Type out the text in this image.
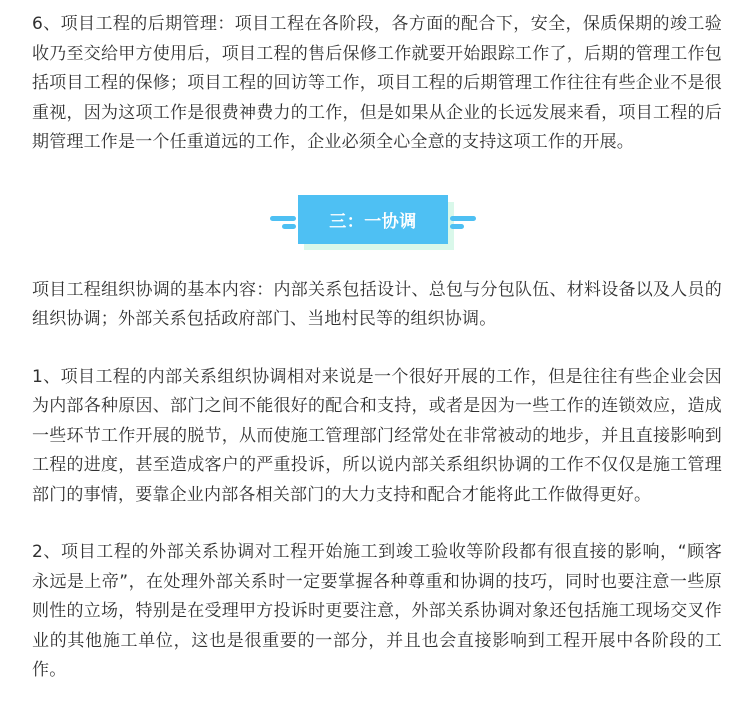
6、项目工程的后期管理：项目工程在各阶段，各方面的配合下，安全，保质保期的竣工验收乃至交给甲方使用后，项目工程的售后保修工作就要开始跟踪工作了，后期的管理工作包括项目工程的保修；项目工程的回访等工作，项目工程的后期管理工作往往有些企业不是很重视，因为这项工作是很费神费力的工作，但是如果从企业的长远发展来看，项目工程的后期管理工作是一个任重道远的工作，企业必须全心全意的支持这项工作的开展。

三：一协调

项目工程组织协调的基本内容：内部关系包括设计、总包与分包队伍、材料设备以及人员的组织协调；外部关系包括政府部门、当地村民等的组织协调。

1、项目工程的内部关系组织协调相对来说是一个很好开展的工作，但是往往有些企业会因为内部各种原因、部门之间不能很好的配合和支持，或者是因为一些工作的连锁效应，造成一些环节工作开展的脱节，从而使施工管理部门经常处在非常被动的地步，并且直接影响到工程的进度，甚至造成客户的严重投诉，所以说内部关系组织协调的工作不仅仅是施工管理部门的事情，要靠企业内部各相关部门的大力支持和配合才能将此工作做得更好。

2、项目工程的外部关系协调对工程开始施工到竣工验收等阶段都有很直接的影响，“顾客永远是上帝”，在处理外部关系时一定要掌握各种尊重和协调的技巧，同时也要注意一些原则性的立场，特别是在受理甲方投诉时更要注意，外部关系协调对象还包括施工现场交叉作业的其他施工单位，这也是很重要的一部分，并且也会直接影响到工程开展中各阶段的工作。
